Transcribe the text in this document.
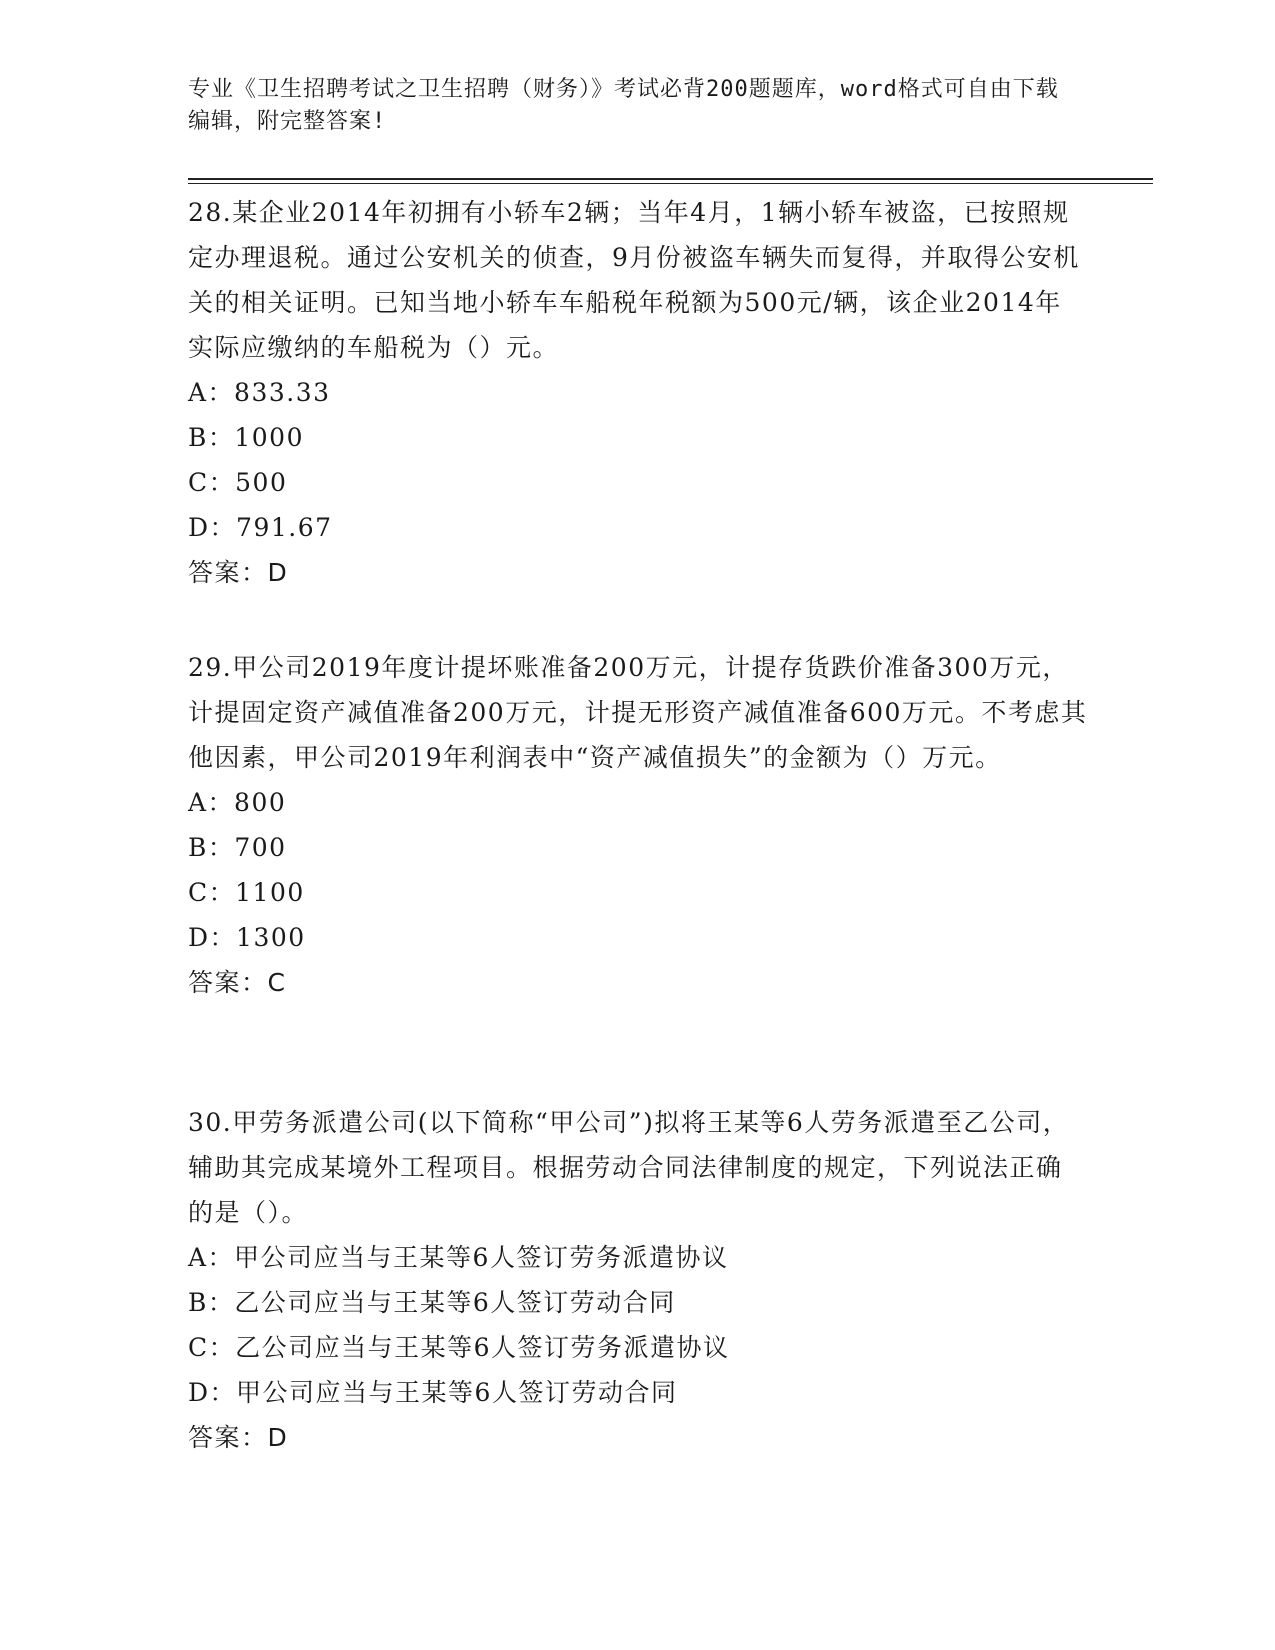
专业《卫生招聘考试之卫生招聘（财务）》考试必背200题题库，word格式可自由下载编辑，附完整答案!

28.某企业2014年初拥有小轿车2辆；当年4月，1辆小轿车被盗，已按照规定办理退税。通过公安机关的侦查，9月份被盗车辆失而复得，并取得公安机关的相关证明。已知当地小轿车车船税年税额为500元/辆，该企业2014年实际应缴纳的车船税为（）元。

A：833.33

B：1000

C：500

D：791.67

答案：D

29.甲公司2019年度计提坏账准备200万元，计提存货跌价准备300万元，计提固定资产减值准备200万元，计提无形资产减值准备600万元。不考虑其他因素，甲公司2019年利润表中“资产减值损失”的金额为（）万元。

A：800

B：700

C：1100

D：1300

答案：C

30.甲劳务派遣公司(以下简称“甲公司”)拟将王某等6人劳务派遣至乙公司，辅助其完成某境外工程项目。根据劳动合同法律制度的规定，下列说法正确的是（）。

A：甲公司应当与王某等6人签订劳务派遣协议

B：乙公司应当与王某等6人签订劳动合同

C：乙公司应当与王某等6人签订劳务派遣协议

D：甲公司应当与王某等6人签订劳动合同

答案：D
